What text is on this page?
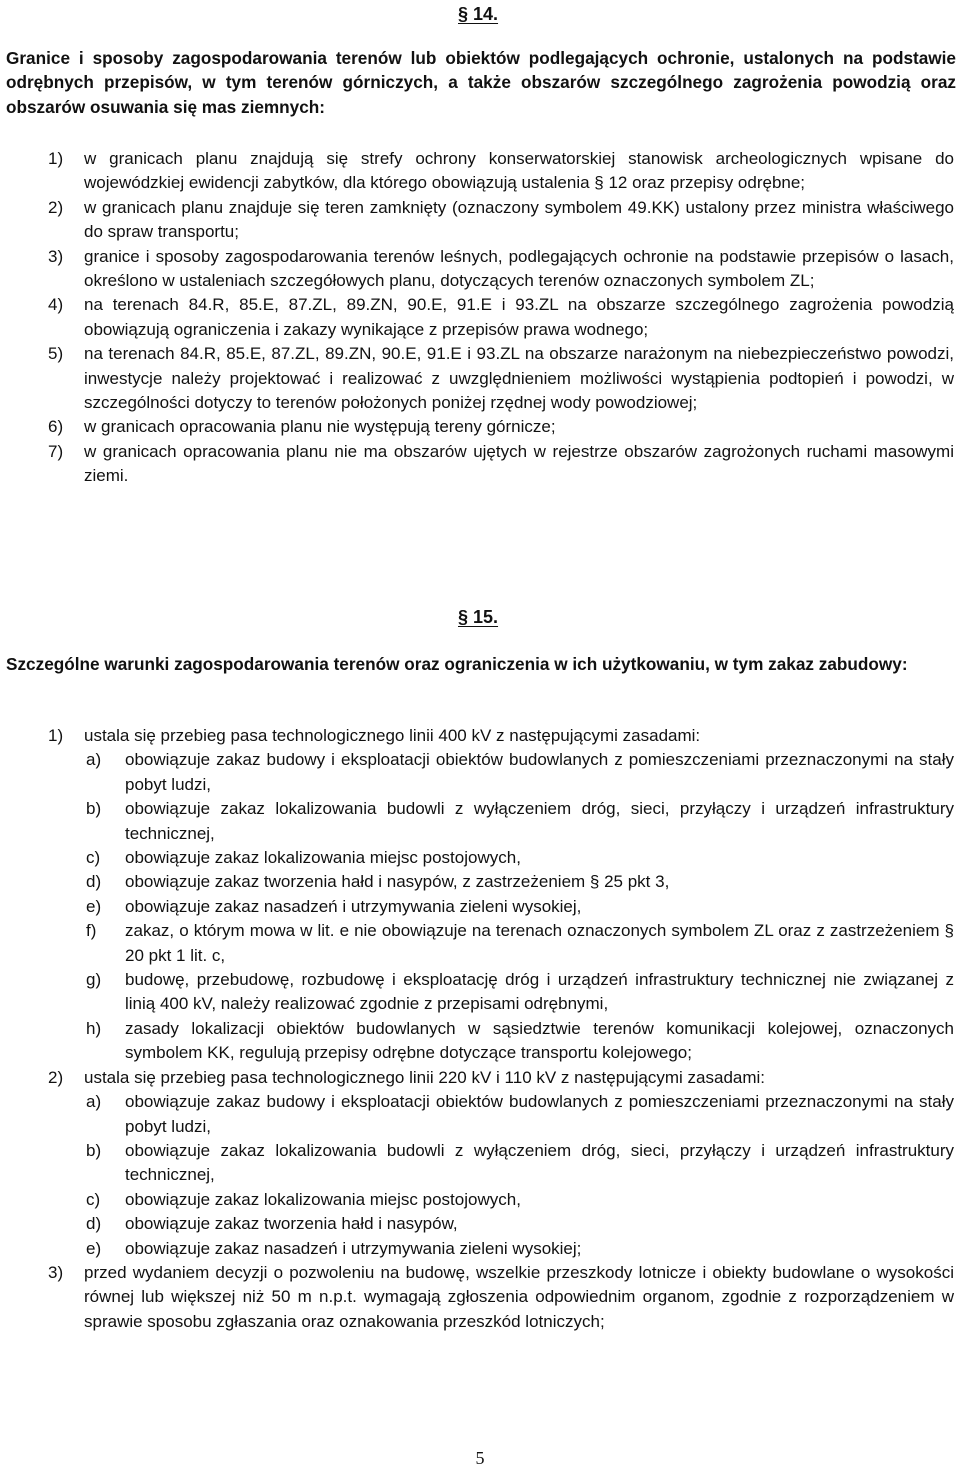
§ 14.
Granice i sposoby zagospodarowania terenów lub obiektów podlegających ochronie, ustalonych na podstawie odrębnych przepisów, w tym terenów górniczych, a także obszarów szczególnego zagrożenia powodzią oraz obszarów osuwania się mas ziemnych:
1) w granicach planu znajdują się strefy ochrony konserwatorskiej stanowisk archeologicznych wpisane do wojewódzkiej ewidencji zabytków, dla którego obowiązują ustalenia § 12 oraz przepisy odrębne;
2) w granicach planu znajduje się teren zamknięty (oznaczony symbolem 49.KK) ustalony przez ministra właściwego do spraw transportu;
3) granice i sposoby zagospodarowania terenów leśnych, podlegających ochronie na podstawie przepisów o lasach, określono w ustaleniach szczegółowych planu, dotyczących terenów oznaczonych symbolem ZL;
4) na terenach 84.R, 85.E, 87.ZL, 89.ZN, 90.E, 91.E i 93.ZL na obszarze szczególnego zagrożenia powodzią obowiązują ograniczenia i zakazy wynikające z przepisów prawa wodnego;
5) na terenach 84.R, 85.E, 87.ZL, 89.ZN, 90.E, 91.E i 93.ZL na obszarze narażonym na niebezpieczeństwo powodzi, inwestycje należy projektować i realizować z uwzględnieniem możliwości wystąpienia podtopień i powodzi, w szczególności dotyczy to terenów położonych poniżej rzędnej wody powodziowej;
6) w granicach opracowania planu nie występują tereny górnicze;
7) w granicach opracowania planu nie ma obszarów ujętych w rejestrze obszarów zagrożonych ruchami masowymi ziemi.
§ 15.
Szczególne warunki zagospodarowania terenów oraz ograniczenia w ich użytkowaniu, w tym zakaz zabudowy:
1) ustala się przebieg pasa technologicznego linii 400 kV z następującymi zasadami:
a) obowiązuje zakaz budowy i eksploatacji obiektów budowlanych z pomieszczeniami przeznaczonymi na stały pobyt ludzi,
b) obowiązuje zakaz lokalizowania budowli z wyłączeniem dróg, sieci, przyłączy i urządzeń infrastruktury technicznej,
c) obowiązuje zakaz lokalizowania miejsc postojowych,
d) obowiązuje zakaz tworzenia hałd i nasypów, z zastrzeżeniem § 25 pkt 3,
e) obowiązuje zakaz nasadzeń i utrzymywania zieleni wysokiej,
f) zakaz, o którym mowa w lit. e nie obowiązuje na terenach oznaczonych symbolem ZL oraz z zastrzeżeniem § 20 pkt 1 lit. c,
g) budowę, przebudowę, rozbudowę i eksploatację dróg i urządzeń infrastruktury technicznej nie związanej z linią 400 kV, należy realizować zgodnie z przepisami odrębnymi,
h) zasady lokalizacji obiektów budowlanych w sąsiedztwie terenów komunikacji kolejowej, oznaczonych symbolem KK, regulują przepisy odrębne dotyczące transportu kolejowego;
2) ustala się przebieg pasa technologicznego linii 220 kV i 110 kV z następującymi zasadami:
a) obowiązuje zakaz budowy i eksploatacji obiektów budowlanych z pomieszczeniami przeznaczonymi na stały pobyt ludzi,
b) obowiązuje zakaz lokalizowania budowli z wyłączeniem dróg, sieci, przyłączy i urządzeń infrastruktury technicznej,
c) obowiązuje zakaz lokalizowania miejsc postojowych,
d) obowiązuje zakaz tworzenia hałd i nasypów,
e) obowiązuje zakaz nasadzeń i utrzymywania zieleni wysokiej;
3) przed wydaniem decyzji o pozwoleniu na budowę, wszelkie przeszkody lotnicze i obiekty budowlane o wysokości równej lub większej niż 50 m n.p.t. wymagają zgłoszenia odpowiednim organom, zgodnie z rozporządzeniem w sprawie sposobu zgłaszania oraz oznakowania przeszkód lotniczych;
5
